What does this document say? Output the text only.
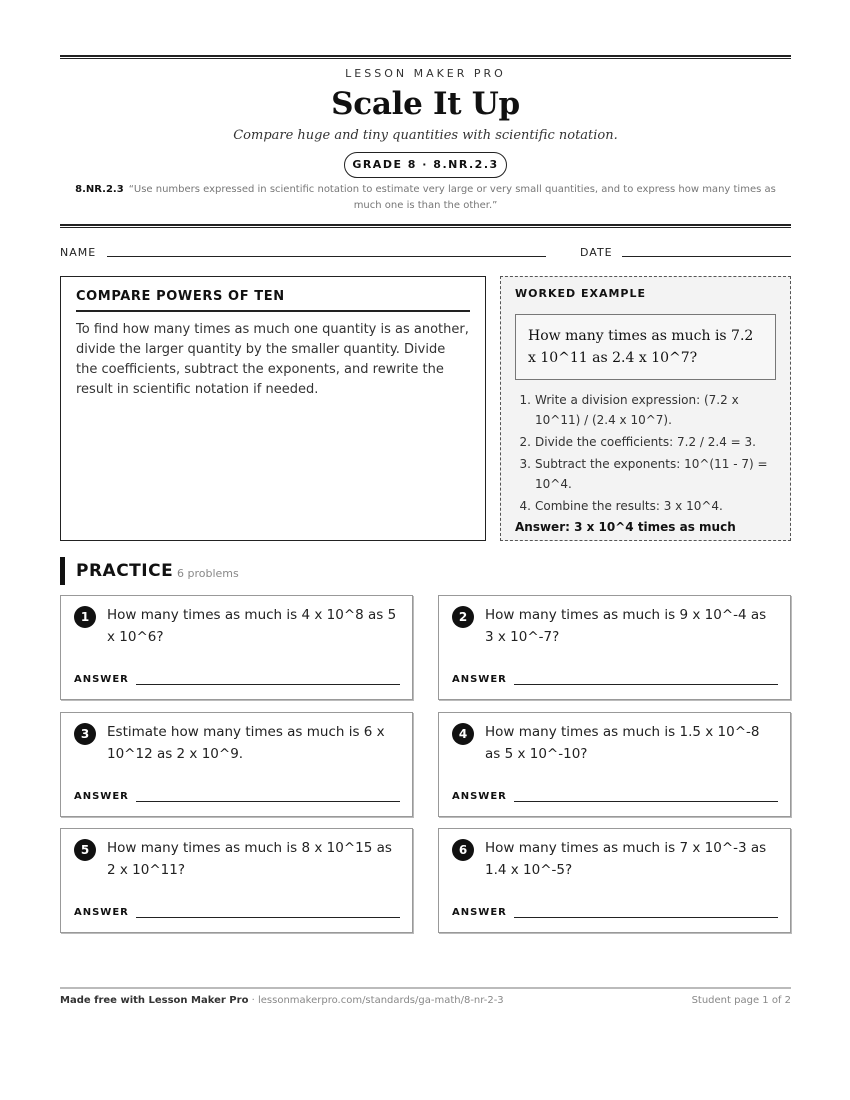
LESSON MAKER PRO
Scale It Up
Compare huge and tiny quantities with scientific notation.
GRADE 8 · 8.NR.2.3
8.NR.2.3 “Use numbers expressed in scientific notation to estimate very large or very small quantities, and to express how many times as much one is than the other.”
NAME	DATE
COMPARE POWERS OF TEN
To find how many times as much one quantity is as another, divide the larger quantity by the smaller quantity. Divide the coefficients, subtract the exponents, and rewrite the result in scientific notation if needed.
WORKED EXAMPLE
How many times as much is 7.2 x 10^11 as 2.4 x 10^7?
1. Write a division expression: (7.2 x 10^11) / (2.4 x 10^7).
2. Divide the coefficients: 7.2 / 2.4 = 3.
3. Subtract the exponents: 10^(11 - 7) = 10^4.
4. Combine the results: 3 x 10^4.
Answer: 3 x 10^4 times as much
PRACTICE 6 problems
1	How many times as much is 4 x 10^8 as 5 x 10^6?
ANSWER
2	How many times as much is 9 x 10^-4 as 3 x 10^-7?
ANSWER
3	Estimate how many times as much is 6 x 10^12 as 2 x 10^9.
ANSWER
4	How many times as much is 1.5 x 10^-8 as 5 x 10^-10?
ANSWER
5	How many times as much is 8 x 10^15 as 2 x 10^11?
ANSWER
6	How many times as much is 7 x 10^-3 as 1.4 x 10^-5?
ANSWER
Made free with Lesson Maker Pro · lessonmakerpro.com/standards/ga-math/8-nr-2-3	Student page 1 of 2
